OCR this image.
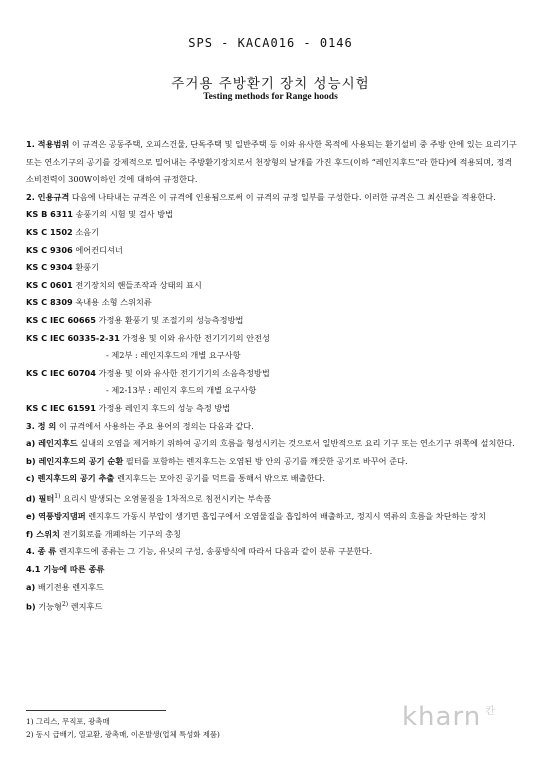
SPS - KACA016 - 0146
주거용 주방환기 장치 성능시험
Testing methods for Range hoods

1. 적용범위 이 규격은 공동주택, 오피스건물, 단독주택 및 일반주택 등 이와 유사한 목적에 사용되는 환기설비 중 주방 안에 있는 요리기구 또는 연소기구의 공기를 강제적으로 밀어내는 주방환기장치로서 천장형의 날개를 가진 후드(이하 “레인지후드”라 한다)에 적용되며, 정격 소비전력이 300W이하인 것에 대하여 규정한다.

2. 인용규격 다음에 나타내는 규격은 이 규격에 인용됨으로써 이 규격의 규정 일부를 구성한다. 이러한 규격은 그 최신판을 적용한다.

KS B 6311 송풍기의 시험 및 검사 방법

KS C 1502 소음기

KS C 9306 에어컨디셔너

KS C 9304 환풍기

KS C 0601 전기장치의 핸들조작과 상태의 표시

KS C 8309 옥내용 소형 스위치류

KS C IEC 60665 가정용 환풍기 및 조절기의 성능측정방법

KS C IEC 60335-2-31 가정용 및 이와 유사한 전기기기의 안전성

- 제2부 : 레인지후드의 개별 요구사항

KS C IEC 60704 가정용 및 이와 유사한 전기기기의 소음측정방법

- 제2-13부 : 레인지 후드의 개별 요구사항

KS C IEC 61591 가정용 레인지 후드의 성능 측정 방법

3. 정 의 이 규격에서 사용하는 주요 용어의 정의는 다음과 같다.

a) 레인지후드 실내의 오염을 제거하기 위하여 공기의 흐름을 형성시키는 것으로서 일반적으로 요리 기구 또는 연소기구 위쪽에 설치한다.

b) 레인지후드의 공기 순환 필터를 포함하는 렌지후드는 오염된 방 안의 공기를 깨끗한 공기로 바꾸어 준다.

c) 렌지후드의 공기 추출 렌지후드는 모아진 공기를 덕트를 통해서 밖으로 배출한다.

d) 필터$^{1)}$ 요리시 발생되는 오염물질을 1차적으로 침전시키는 부속품

e) 역풍방지댐퍼 렌지후드 가동시 부압이 생기면 흡입구에서 오염물질을 흡입하여 배출하고, 정지시 역류의 흐름을 차단하는 장치

f) 스위치 전기회로를 개폐하는 기구의 총칭

4. 종 류 렌지후드에 종류는 그 기능, 유닛의 구성, 송풍방식에 따라서 다음과 같이 분류 구분한다.

4.1 기능에 따른 종류

a) 배기전용 렌지후드

b) 기능형$^{2)}$ 렌지후드

1) 그리스, 무직포, 광촉매

2) 동시 급배기, 열교환, 광촉매, 이온발생(업체 특성화 제품)

kharn $^칸$
